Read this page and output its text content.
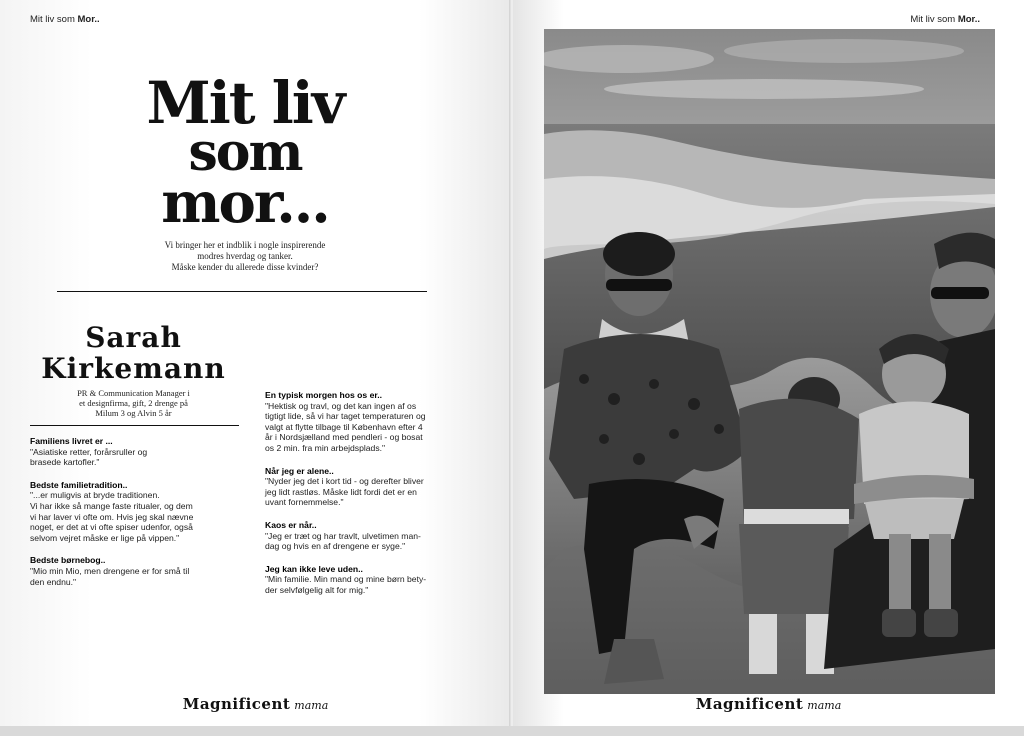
Mit liv som Mor..
Mit liv
som
mor...
Vi bringer her et indblik i nogle inspirerende
modres hverdag og tanker.
Måske kender du allerede disse kvinder?
Sarah
Kirkemann
PR & Communication Manager i
et designfirma, gift, 2 drenge på
Milum 3 og Alvin 5 år
Familiens livret er ...
"Asiatiske retter, forårsruller og
brasede kartofler."
Bedste familietradition..
"...er muligvis at bryde traditionen.
Vi har ikke så mange faste ritualer, og dem
vi har laver vi ofte om. Hvis jeg skal nævne
noget, er det at vi ofte spiser udenfor, også
selvom vejret måske er lige på vippen."
Bedste børnebog..
"Mio min Mio, men drengene er for små til
den endnu."
En typisk morgen hos os er..
"Hektisk og travl, og det kan ingen af os
tigtigt lide, så vi har taget temperaturen og
valgt at flytte tilbage til København efter 4
år i Nordsjælland med pendleri - og bosat
os 2 min. fra min arbejdsplads."
Når jeg er alene..
"Nyder jeg det i kort tid - og derefter bliver
jeg lidt rastløs. Måske lidt fordi det er en
uvant fornemmelse."
Kaos er når..
"Jeg er træt og har travlt, ulvetimen man-
dag og hvis en af drengene er syge."
Jeg kan ikke leve uden..
"Min familie. Min mand og mine børn bety-
der selvfølgelig alt for mig."
Magnificent mama
Mit liv som Mor..
Magnificent mama
